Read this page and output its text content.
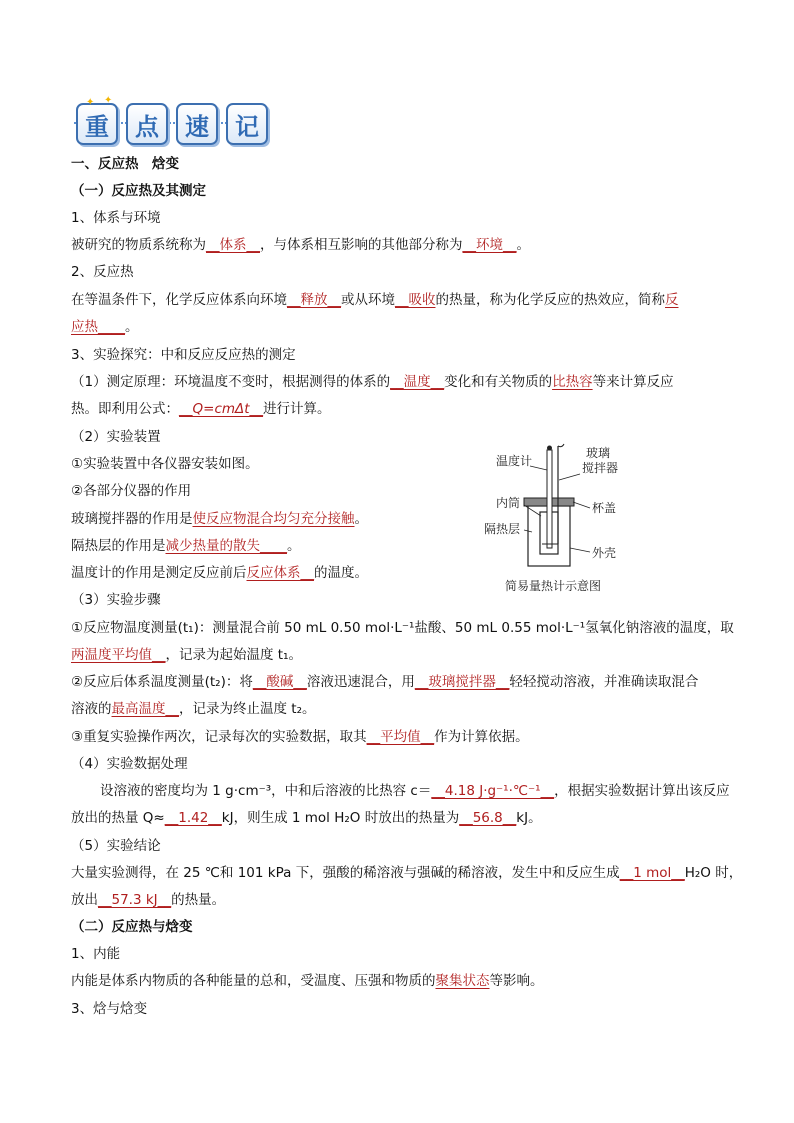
重	点	速	记
✦ ✦
一、反应热　焓变
（一）反应热及其测定
1、体系与环境
被研究的物质系统称为__体系__，与体系相互影响的其他部分称为__环境__。
2、反应热
在等温条件下，化学反应体系向环境__释放__或从环境__吸收的热量，称为化学反应的热效应，简称反
应热____。
3、实验探究：中和反应反应热的测定
（1）测定原理：环境温度不变时，根据测得的体系的__温度__变化和有关物质的比热容等来计算反应
热。即利用公式：__Q=cmΔt__进行计算。
（2）实验装置
①实验装置中各仪器安装如图。
②各部分仪器的作用
玻璃搅拌器的作用是使反应物混合均匀充分接触。
隔热层的作用是减少热量的散失____。
温度计的作用是测定反应前后反应体系__的温度。
温度计
玻璃
搅拌器
内筒	杯盖
隔热层
外壳
简易量热计示意图
（3）实验步骤
①反应物温度测量(t₁)：测量混合前 50 mL 0.50 mol·L⁻¹盐酸、50 mL 0.55 mol·L⁻¹氢氧化钠溶液的温度，取
两温度平均值__，记录为起始温度 t₁。
②反应后体系温度测量(t₂)：将__酸碱__溶液迅速混合，用__玻璃搅拌器__轻轻搅动溶液，并准确读取混合
溶液的最高温度__，记录为终止温度 t₂。
③重复实验操作两次，记录每次的实验数据，取其__平均值__作为计算依据。
（4）实验数据处理
设溶液的密度均为 1 g·cm⁻³，中和后溶液的比热容 c＝__4.18 J·g⁻¹·℃⁻¹__，根据实验数据计算出该反应
放出的热量 Q≈__1.42__kJ，则生成 1 mol H₂O 时放出的热量为__56.8__kJ。
（5）实验结论
大量实验测得，在 25 ℃和 101 kPa 下，强酸的稀溶液与强碱的稀溶液，发生中和反应生成__1 mol__H₂O 时，
放出__57.3 kJ__的热量。
（二）反应热与焓变
1、内能
内能是体系内物质的各种能量的总和，受温度、压强和物质的聚集状态等影响。
3、焓与焓变
